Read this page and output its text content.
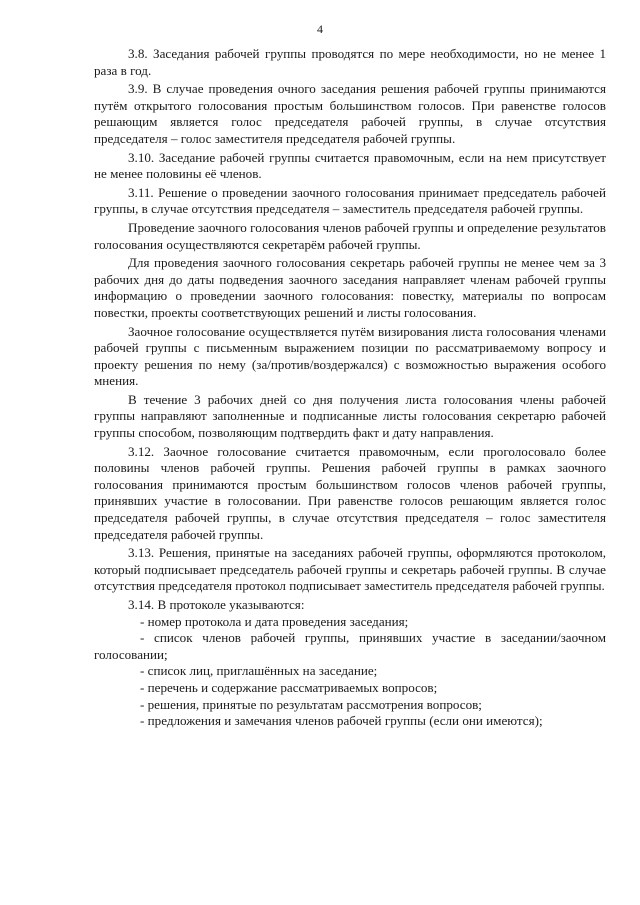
4

3.8. Заседания рабочей группы проводятся по мере необходимости, но не менее 1 раза в год.

3.9. В случае проведения очного заседания решения рабочей группы принимаются путём открытого голосования простым большинством голосов. При равенстве голосов решающим является голос председателя рабочей группы, в случае отсутствия председателя – голос заместителя председателя рабочей группы.

3.10. Заседание рабочей группы считается правомочным, если на нем присутствует не менее половины её членов.

3.11. Решение о проведении заочного голосования принимает председатель рабочей группы, в случае отсутствия председателя – заместитель председателя рабочей группы.

Проведение заочного голосования членов рабочей группы и определение результатов голосования осуществляются секретарём рабочей группы.

Для проведения заочного голосования секретарь рабочей группы не менее чем за 3 рабочих дня до даты подведения заочного заседания направляет членам рабочей группы информацию о проведении заочного голосования: повестку, материалы по вопросам повестки, проекты соответствующих решений и листы голосования.

Заочное голосование осуществляется путём визирования листа голосования членами рабочей группы с письменным выражением позиции по рассматриваемому вопросу и проекту решения по нему (за/против/воздержался) с возможностью выражения особого мнения.

В течение 3 рабочих дней со дня получения листа голосования члены рабочей группы направляют заполненные и подписанные листы голосования секретарю рабочей группы способом, позволяющим подтвердить факт и дату направления.

3.12. Заочное голосование считается правомочным, если проголосовало более половины членов рабочей группы. Решения рабочей группы в рамках заочного голосования принимаются простым большинством голосов членов рабочей группы, принявших участие в голосовании. При равенстве голосов решающим является голос председателя рабочей группы, в случае отсутствия председателя – голос заместителя председателя рабочей группы.

3.13. Решения, принятые на заседаниях рабочей группы, оформляются протоколом, который подписывает председатель рабочей группы и секретарь рабочей группы. В случае отсутствия председателя протокол подписывает заместитель председателя рабочей группы.

3.14. В протоколе указываются:

- номер протокола и дата проведения заседания;

- список членов рабочей группы, принявших участие в заседании/заочном голосовании;

- список лиц, приглашённых на заседание;

- перечень и содержание рассматриваемых вопросов;

- решения, принятые по результатам рассмотрения вопросов;

- предложения и замечания членов рабочей группы (если они имеются);
